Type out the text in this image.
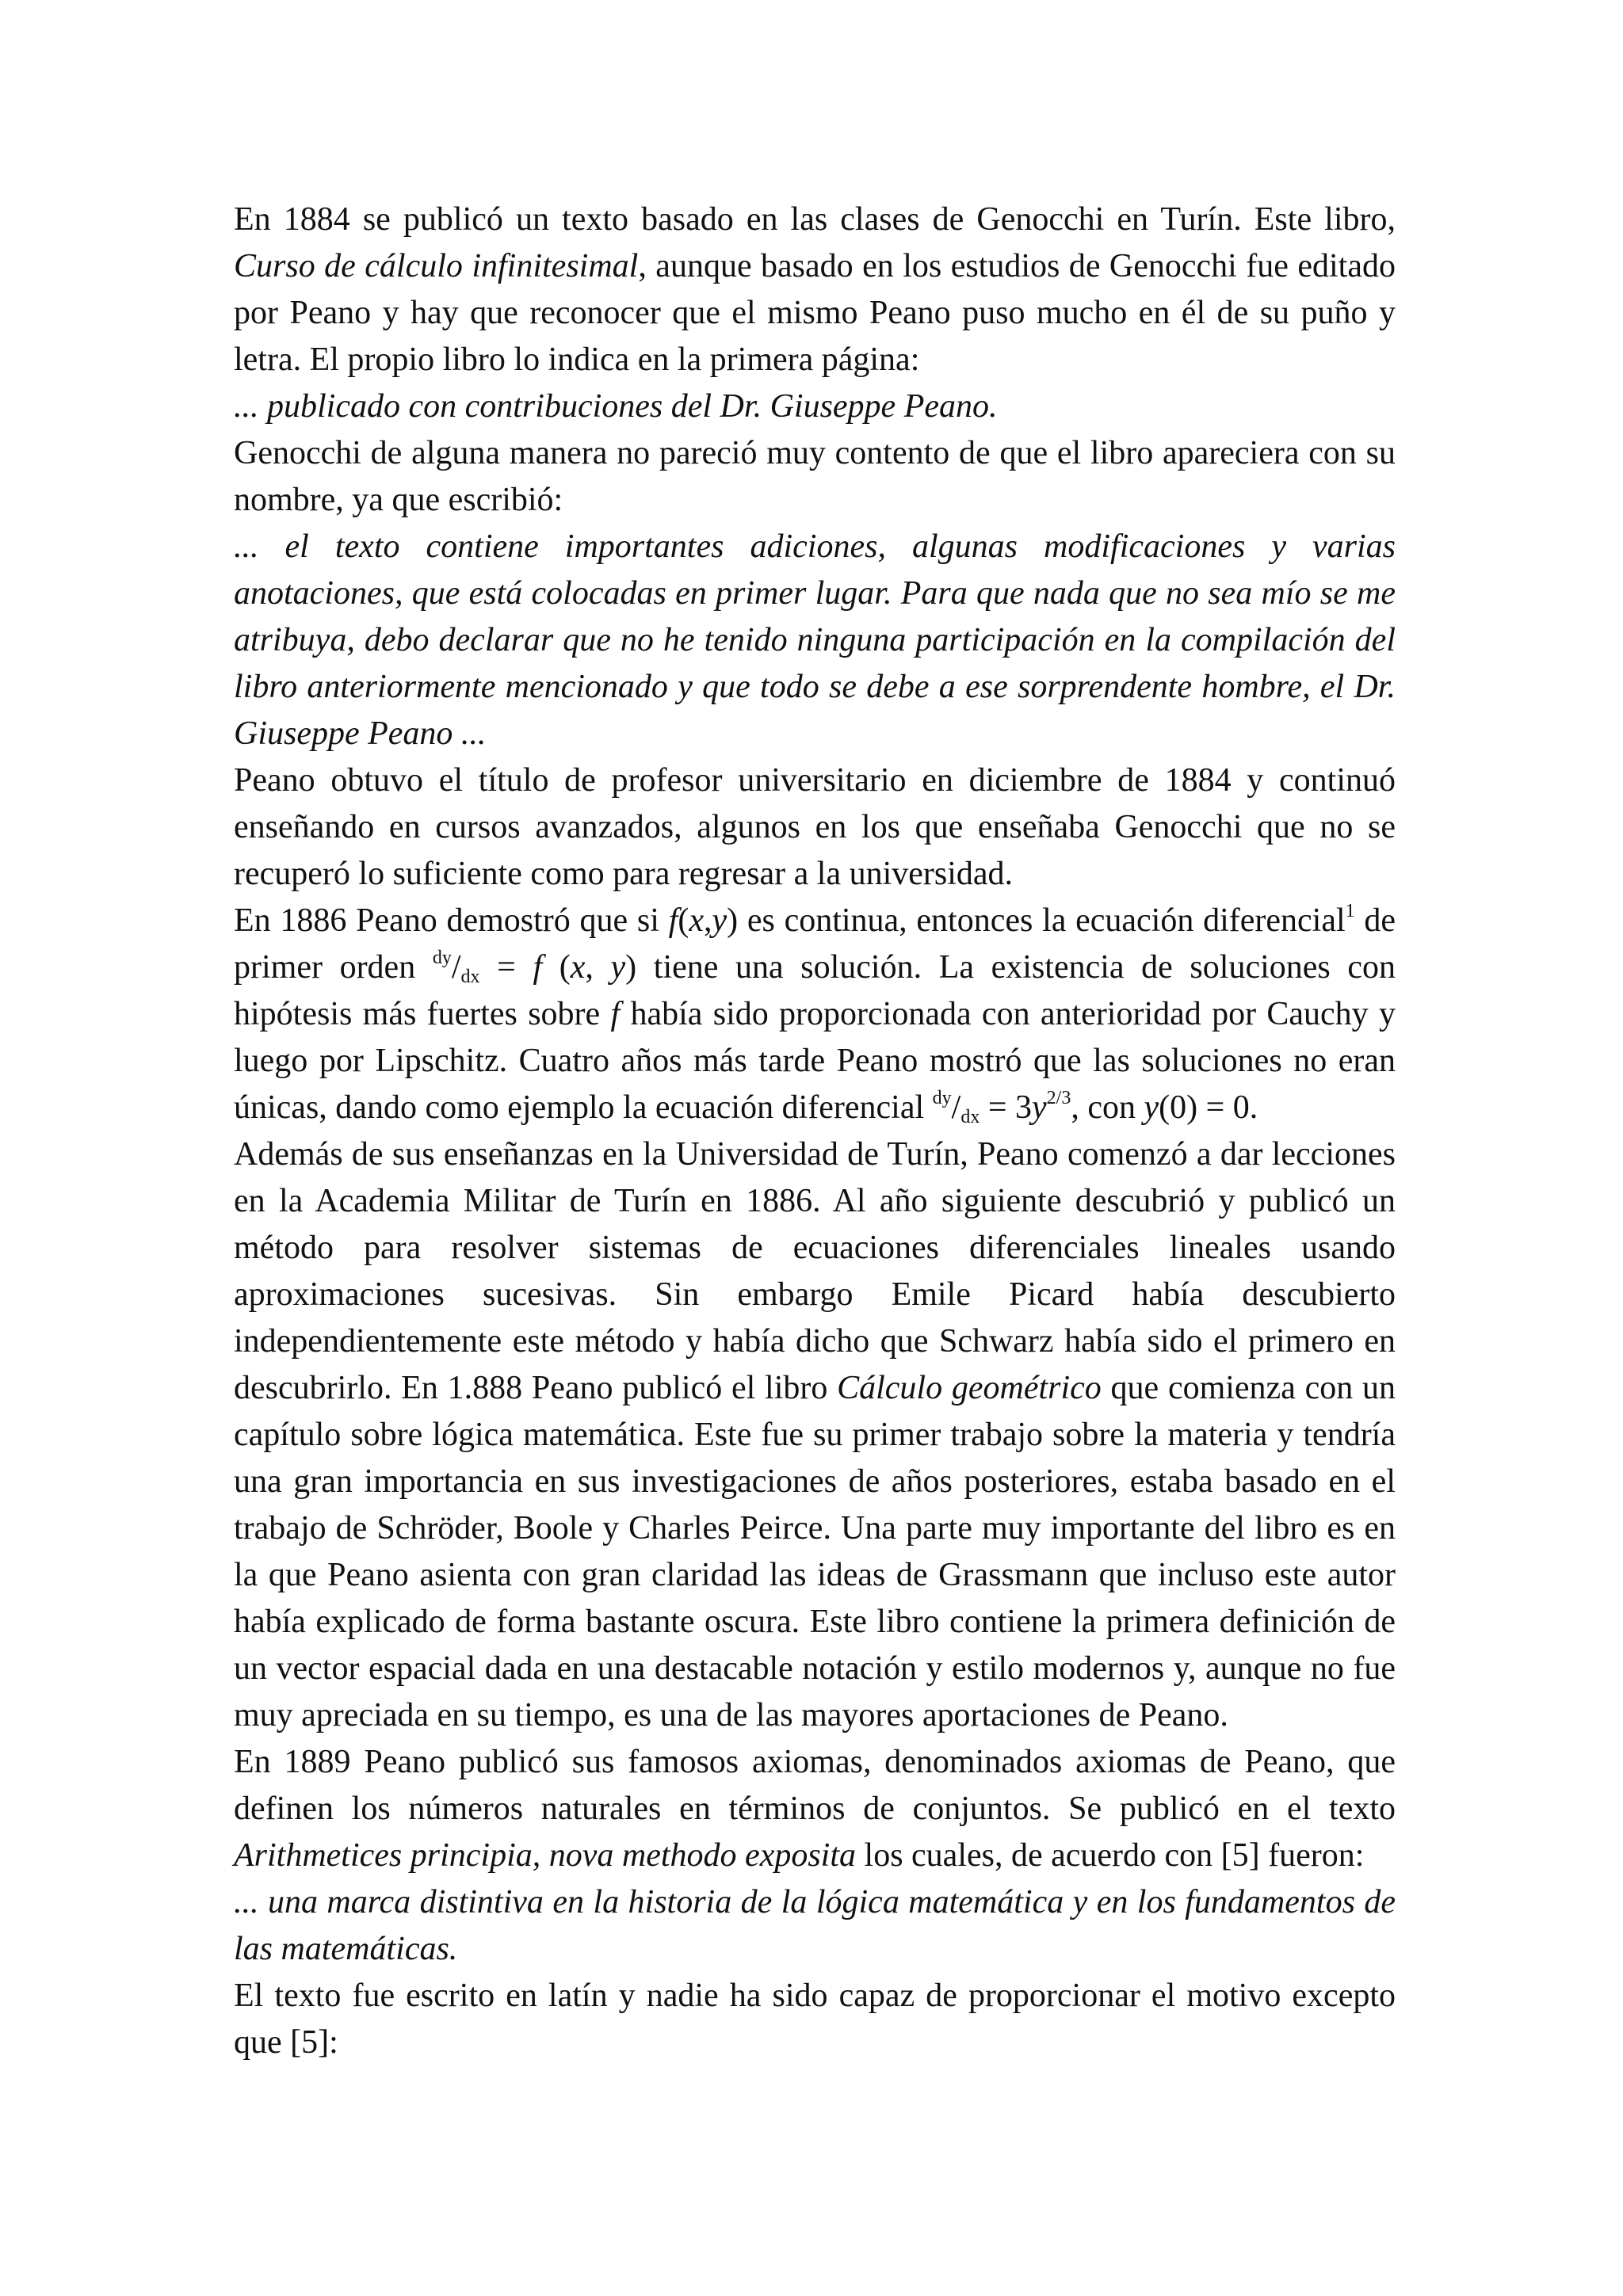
En 1884 se publicó un texto basado en las clases de Genocchi en Turín. Este libro, Curso de cálculo infinitesimal, aunque basado en los estudios de Genocchi fue editado por Peano y hay que reconocer que el mismo Peano puso mucho en él de su puño y letra. El propio libro lo indica en la primera página:

... publicado con contribuciones del Dr. Giuseppe Peano.

Genocchi de alguna manera no pareció muy contento de que el libro apareciera con su nombre, ya que escribió:

... el texto contiene importantes adiciones, algunas modificaciones y varias anotaciones, que está colocadas en primer lugar. Para que nada que no sea mío se me atribuya, debo declarar que no he tenido ninguna participación en la compilación del libro anteriormente mencionado y que todo se debe a ese sorprendente hombre, el Dr. Giuseppe Peano ...

Peano obtuvo el título de profesor universitario en diciembre de 1884 y continuó enseñando en cursos avanzados, algunos en los que enseñaba Genocchi que no se recuperó lo suficiente como para regresar a la universidad.

En 1886 Peano demostró que si f(x,y) es continua, entonces la ecuación diferencial$^1$ de primer orden $^{dy}/_{dx} = f$ (x, y) tiene una solución. La existencia de soluciones con hipótesis más fuertes sobre f había sido proporcionada con anterioridad por Cauchy y luego por Lipschitz. Cuatro años más tarde Peano mostró que las soluciones no eran únicas, dando como ejemplo la ecuación diferencial $^{dy}/_{dx} = 3y^{2/3}$, con y(0) = 0.

Además de sus enseñanzas en la Universidad de Turín, Peano comenzó a dar lecciones en la Academia Militar de Turín en 1886. Al año siguiente descubrió y publicó un método para resolver sistemas de ecuaciones diferenciales lineales usando aproximaciones sucesivas. Sin embargo Emile Picard había descubierto independientemente este método y había dicho que Schwarz había sido el primero en descubrirlo. En 1.888 Peano publicó el libro Cálculo geométrico que comienza con un capítulo sobre lógica matemática. Este fue su primer trabajo sobre la materia y tendría una gran importancia en sus investigaciones de años posteriores, estaba basado en el trabajo de Schröder, Boole y Charles Peirce. Una parte muy importante del libro es en la que Peano asienta con gran claridad las ideas de Grassmann que incluso este autor había explicado de forma bastante oscura. Este libro contiene la primera definición de un vector espacial dada en una destacable notación y estilo modernos y, aunque no fue muy apreciada en su tiempo, es una de las mayores aportaciones de Peano.

En 1889 Peano publicó sus famosos axiomas, denominados axiomas de Peano, que definen los números naturales en términos de conjuntos. Se publicó en el texto Arithmetices principia, nova methodo exposita los cuales, de acuerdo con [5] fueron:

... una marca distintiva en la historia de la lógica matemática y en los fundamentos de las matemáticas.

El texto fue escrito en latín y nadie ha sido capaz de proporcionar el motivo excepto que [5]:
